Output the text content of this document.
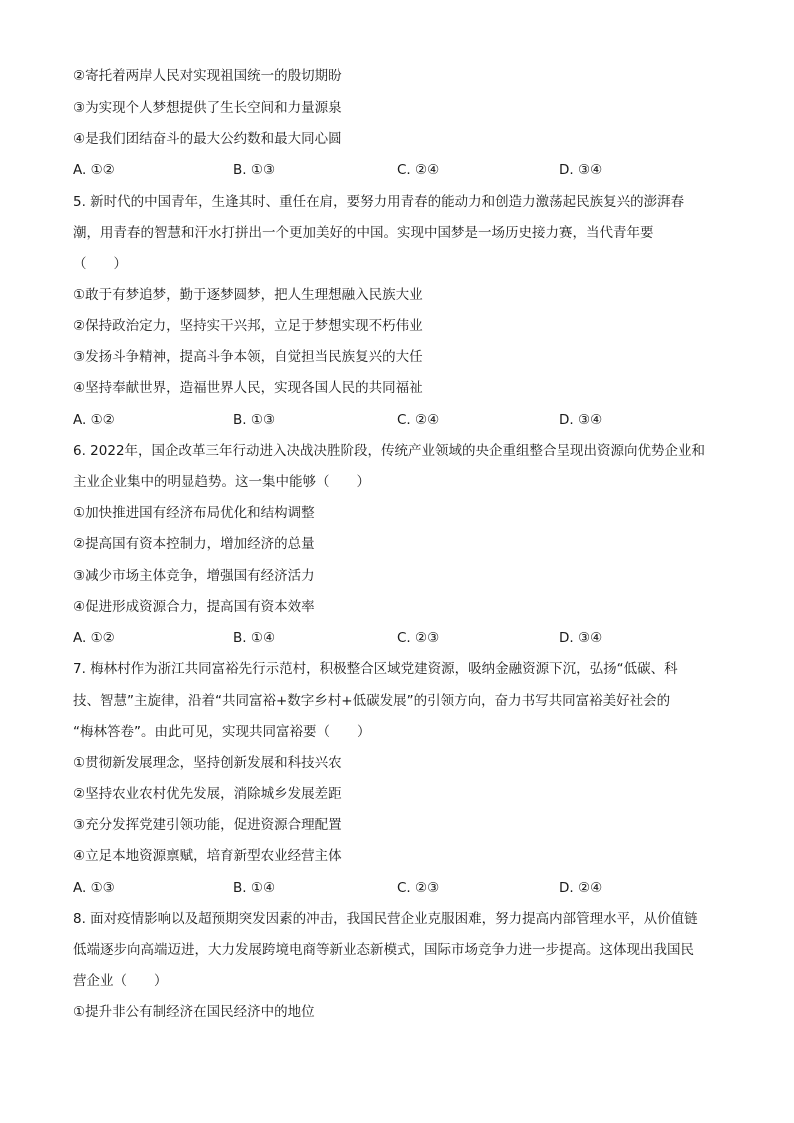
②寄托着两岸人民对实现祖国统一的殷切期盼
③为实现个人梦想提供了生长空间和力量源泉
④是我们团结奋斗的最大公约数和最大同心圆
A. ①②	B. ①③	C. ②④	D. ③④
5. 新时代的中国青年，生逢其时、重任在肩，要努力用青春的能动力和创造力激荡起民族复兴的澎湃春
潮，用青春的智慧和汗水打拼出一个更加美好的中国。实现中国梦是一场历史接力赛，当代青年要
（　　）
①敢于有梦追梦，勤于逐梦圆梦，把人生理想融入民族大业
②保持政治定力，坚持实干兴邦，立足于梦想实现不朽伟业
③发扬斗争精神，提高斗争本领，自觉担当民族复兴的大任
④坚持奉献世界，造福世界人民，实现各国人民的共同福祉
A. ①②	B. ①③	C. ②④	D. ③④
6. 2022年，国企改革三年行动进入决战决胜阶段，传统产业领域的央企重组整合呈现出资源向优势企业和
主业企业集中的明显趋势。这一集中能够（　　）
①加快推进国有经济布局优化和结构调整
②提高国有资本控制力，增加经济的总量
③减少市场主体竞争，增强国有经济活力
④促进形成资源合力，提高国有资本效率
A. ①②	B. ①④	C. ②③	D. ③④
7. 梅林村作为浙江共同富裕先行示范村，积极整合区域党建资源，吸纳金融资源下沉，弘扬“低碳、科
技、智慧”主旋律，沿着“共同富裕+数字乡村+低碳发展”的引领方向，奋力书写共同富裕美好社会的
“梅林答卷”。由此可见，实现共同富裕要（　　）
①贯彻新发展理念，坚持创新发展和科技兴农
②坚持农业农村优先发展，消除城乡发展差距
③充分发挥党建引领功能，促进资源合理配置
④立足本地资源禀赋，培育新型农业经营主体
A. ①③	B. ①④	C. ②③	D. ②④
8. 面对疫情影响以及超预期突发因素的冲击，我国民营企业克服困难，努力提高内部管理水平，从价值链
低端逐步向高端迈进，大力发展跨境电商等新业态新模式，国际市场竞争力进一步提高。这体现出我国民
营企业（　　）
①提升非公有制经济在国民经济中的地位
